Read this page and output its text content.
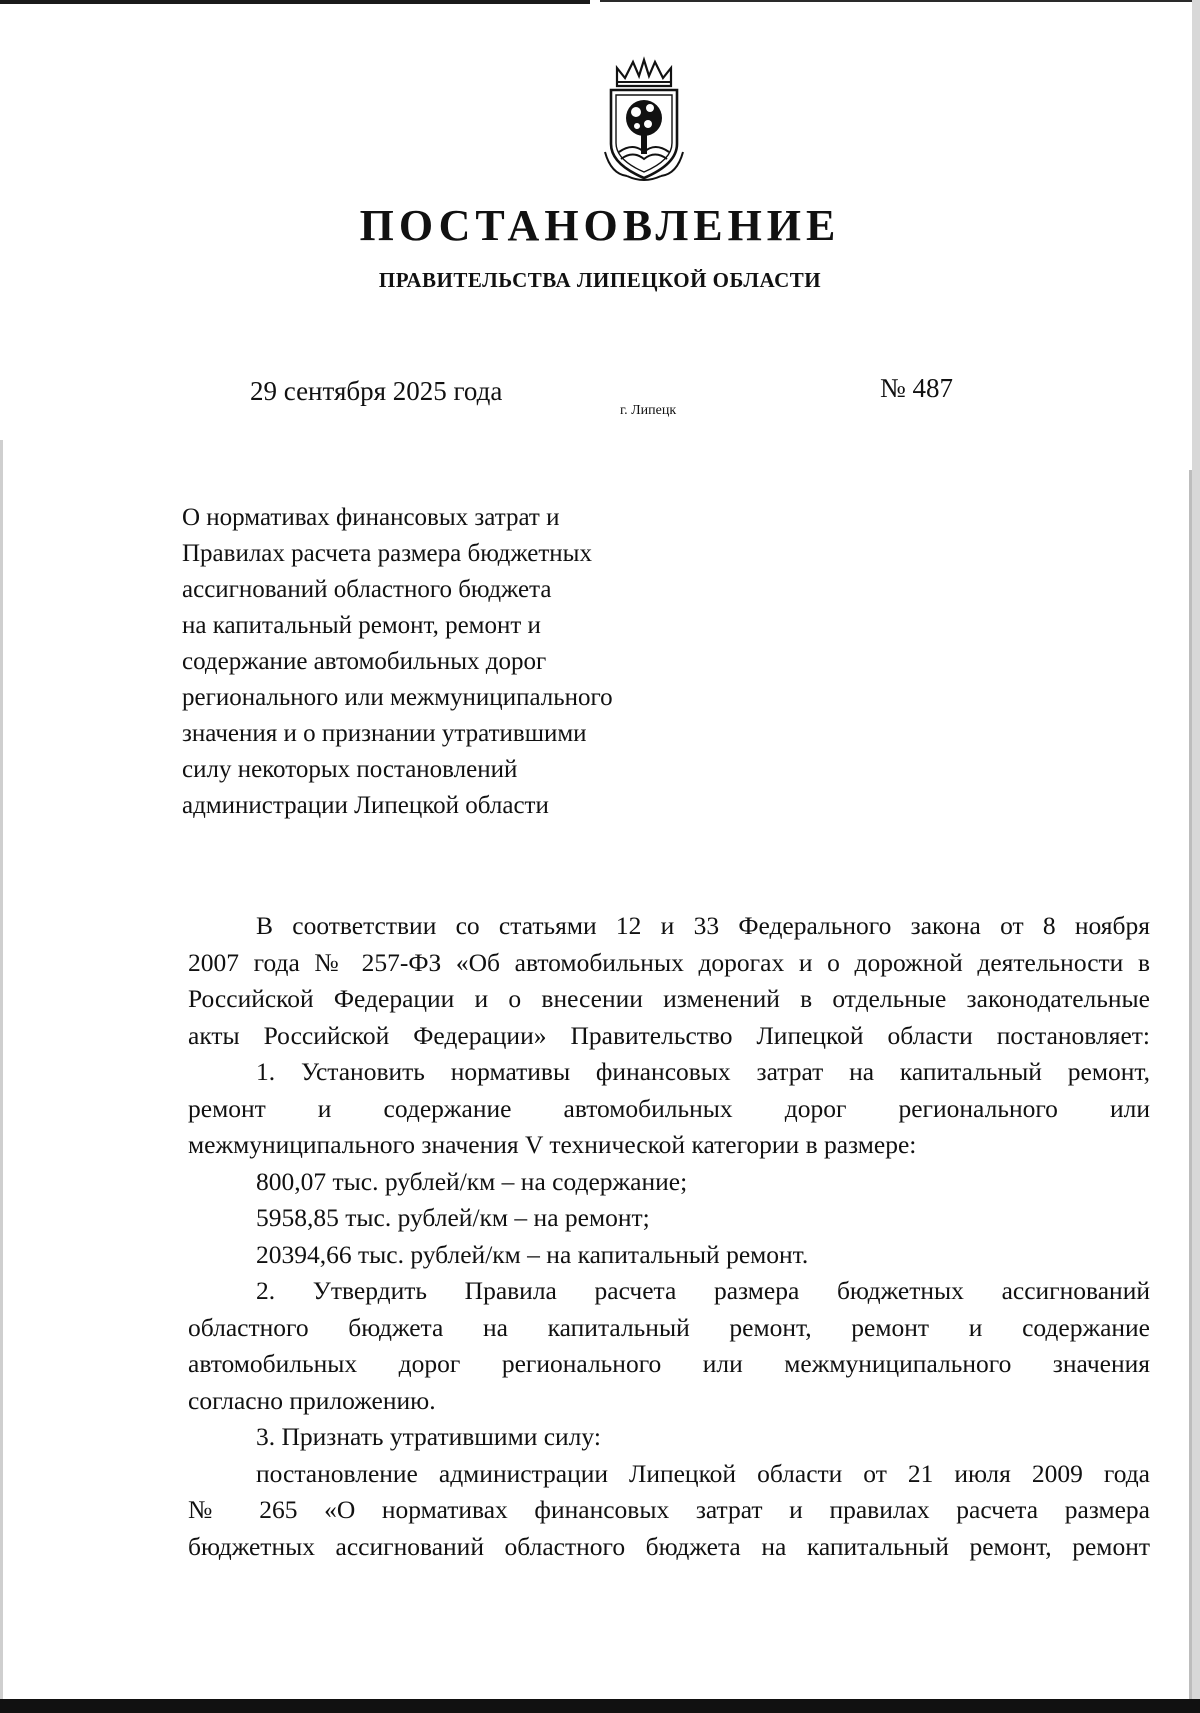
ПОСТАНОВЛЕНИЕ
ПРАВИТЕЛЬСТВА ЛИПЕЦКОЙ ОБЛАСТИ
29 сентября 2025 года
г. Липецк
№ 487
О нормативах финансовых затрат и
Правилах расчета размера бюджетных
ассигнований областного бюджета
на капитальный ремонт, ремонт и
содержание автомобильных дорог
регионального или межмуниципального
значения и о признании утратившими
силу некоторых постановлений
администрации Липецкой области
В соответствии со статьями 12 и 33 Федерального закона от 8 ноября
2007 года № 257-ФЗ «Об автомобильных дорогах и о дорожной деятельности в
Российской Федерации и о внесении изменений в отдельные законодательные
акты Российской Федерации» Правительство Липецкой области постановляет:
1. Установить нормативы финансовых затрат на капитальный ремонт,
ремонт и содержание автомобильных дорог регионального или
межмуниципального значения V технической категории в размере:
800,07 тыс. рублей/км – на содержание;
5958,85 тыс. рублей/км – на ремонт;
20394,66 тыс. рублей/км – на капитальный ремонт.
2. Утвердить Правила расчета размера бюджетных ассигнований
областного бюджета на капитальный ремонт, ремонт и содержание
автомобильных дорог регионального или межмуниципального значения
согласно приложению.
3. Признать утратившими силу:
постановление администрации Липецкой области от 21 июля 2009 года
№ 265 «О нормативах финансовых затрат и правилах расчета размера
бюджетных ассигнований областного бюджета на капитальный ремонт, ремонт
